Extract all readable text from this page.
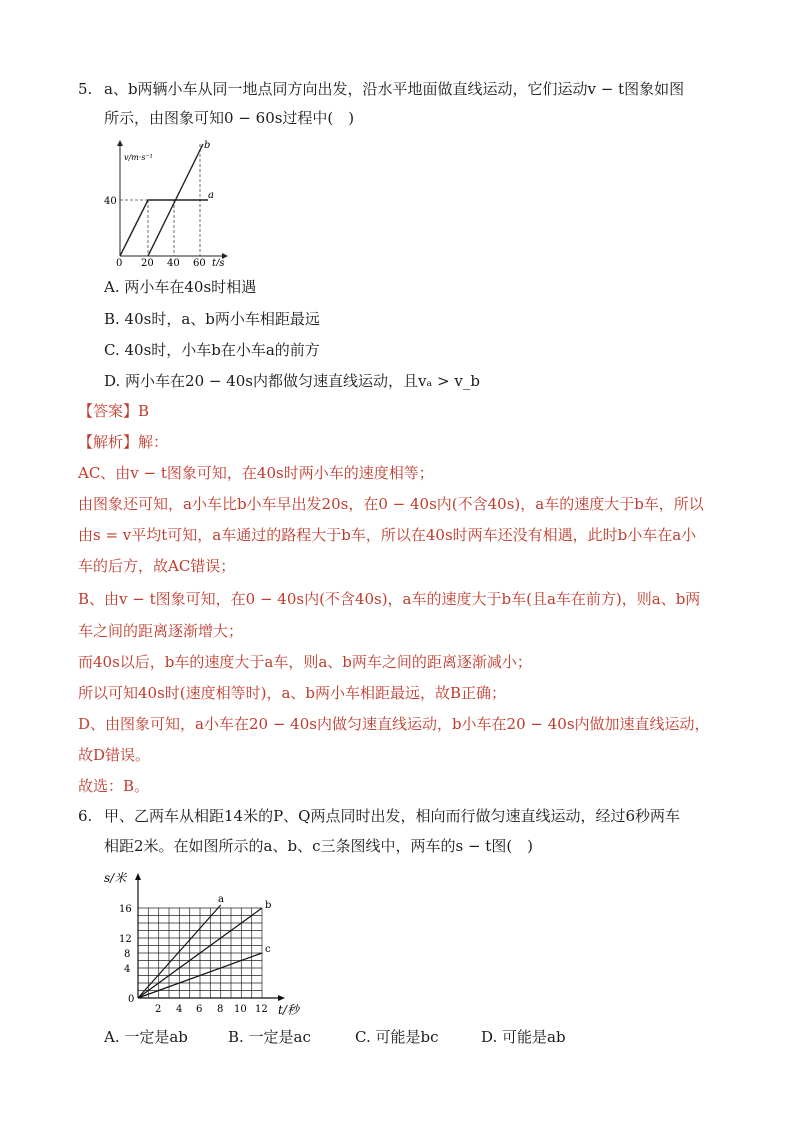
5. a、b两辆小车从同一地点同方向出发，沿水平地面做直线运动，它们运动v − t图象如图
所示，由图象可知0 − 60s过程中(　)
v/m·s⁻¹
40
0 20 40 60 t/s
b
a
A. 两小车在40s时相遇
B. 40s时，a、b两小车相距最远
C. 40s时，小车b在小车a的前方
D. 两小车在20 − 40s内都做匀速直线运动，且vₐ > v_b
【答案】B
【解析】解：
AC、由v − t图象可知，在40s时两小车的速度相等；
由图象还可知，a小车比b小车早出发20s，在0 − 40s内(不含40s)，a车的速度大于b车，所以
由s = v平均t可知，a车通过的路程大于b车，所以在40s时两车还没有相遇，此时b小车在a小
车的后方，故AC错误；
B、由v − t图象可知，在0 − 40s内(不含40s)，a车的速度大于b车(且a车在前方)，则a、b两
车之间的距离逐渐增大；
而40s以后，b车的速度大于a车，则a、b两车之间的距离逐渐减小；
所以可知40s时(速度相等时)，a、b两小车相距最远，故B正确；
D、由图象可知，a小车在20 − 40s内做匀速直线运动，b小车在20 − 40s内做加速直线运动，
故D错误。
故选：B。
6. 甲、乙两车从相距14米的P、Q两点同时出发，相向而行做匀速直线运动，经过6秒两车
相距2米。在如图所示的a、b、c三条图线中，两车的s − t图(　)
s/米
4
8
12
16
0
2 4 6 8 10 12 t/秒
a
b
c
A. 一定是ab	B. 一定是ac	C. 可能是bc	D. 可能是ab
